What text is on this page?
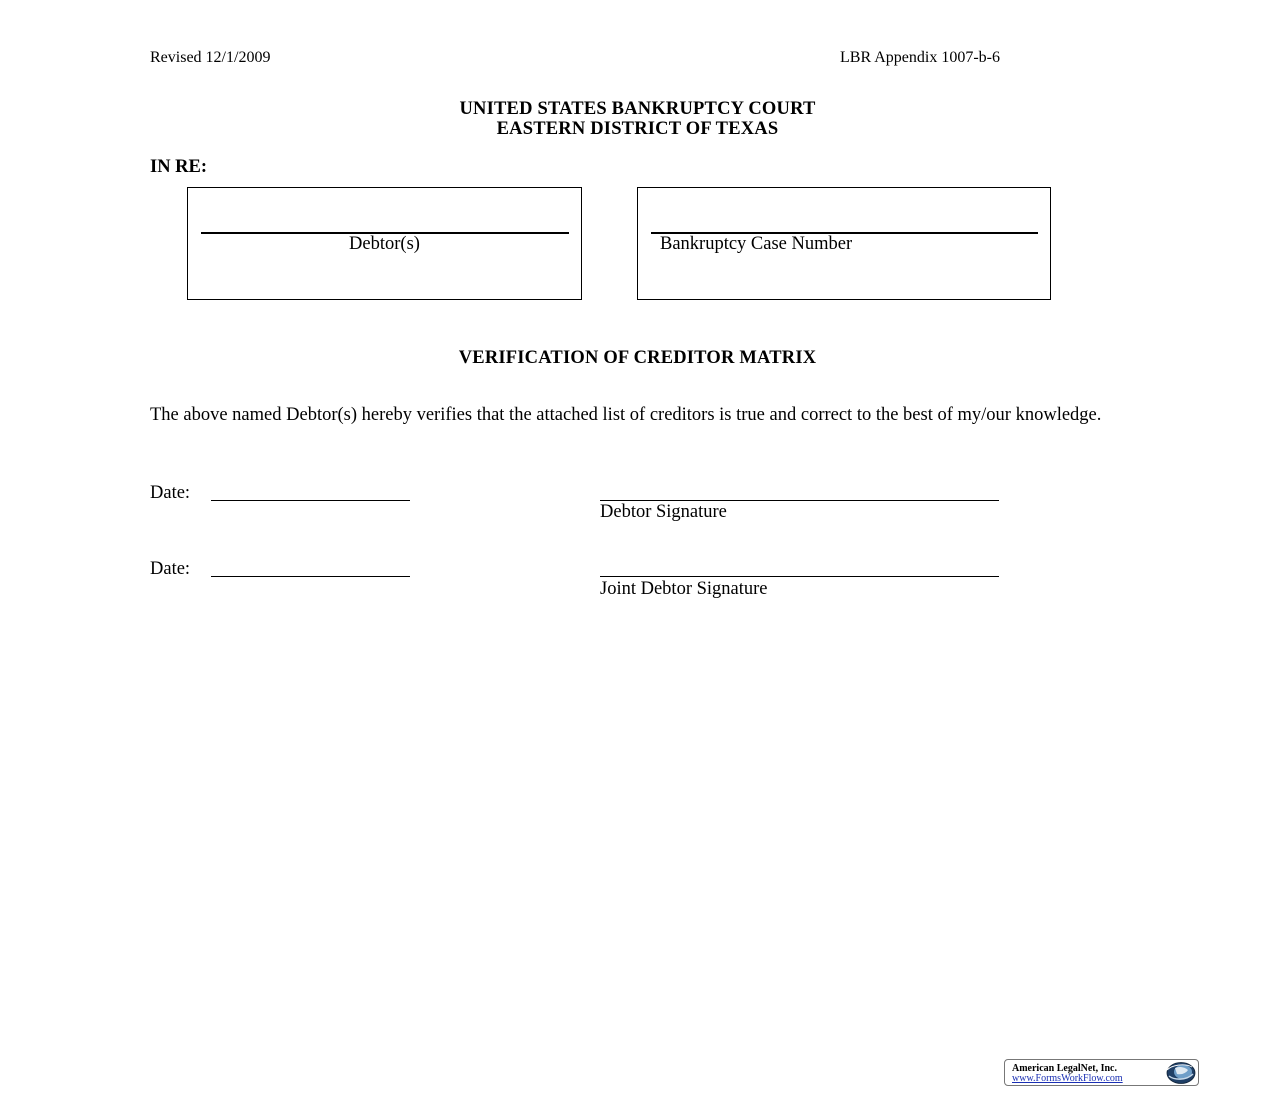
Revised 12/1/2009	LBR Appendix 1007-b-6
UNITED STATES BANKRUPTCY COURT
EASTERN DISTRICT OF TEXAS
IN RE:
Debtor(s)	Bankruptcy Case Number
VERIFICATION OF CREDITOR MATRIX
The above named Debtor(s) hereby verifies that the attached list of creditors is true and correct to the best of my/our knowledge.
Date:
Debtor Signature
Date:
Joint Debtor Signature
American LegalNet, Inc.
www.FormsWorkFlow.com
